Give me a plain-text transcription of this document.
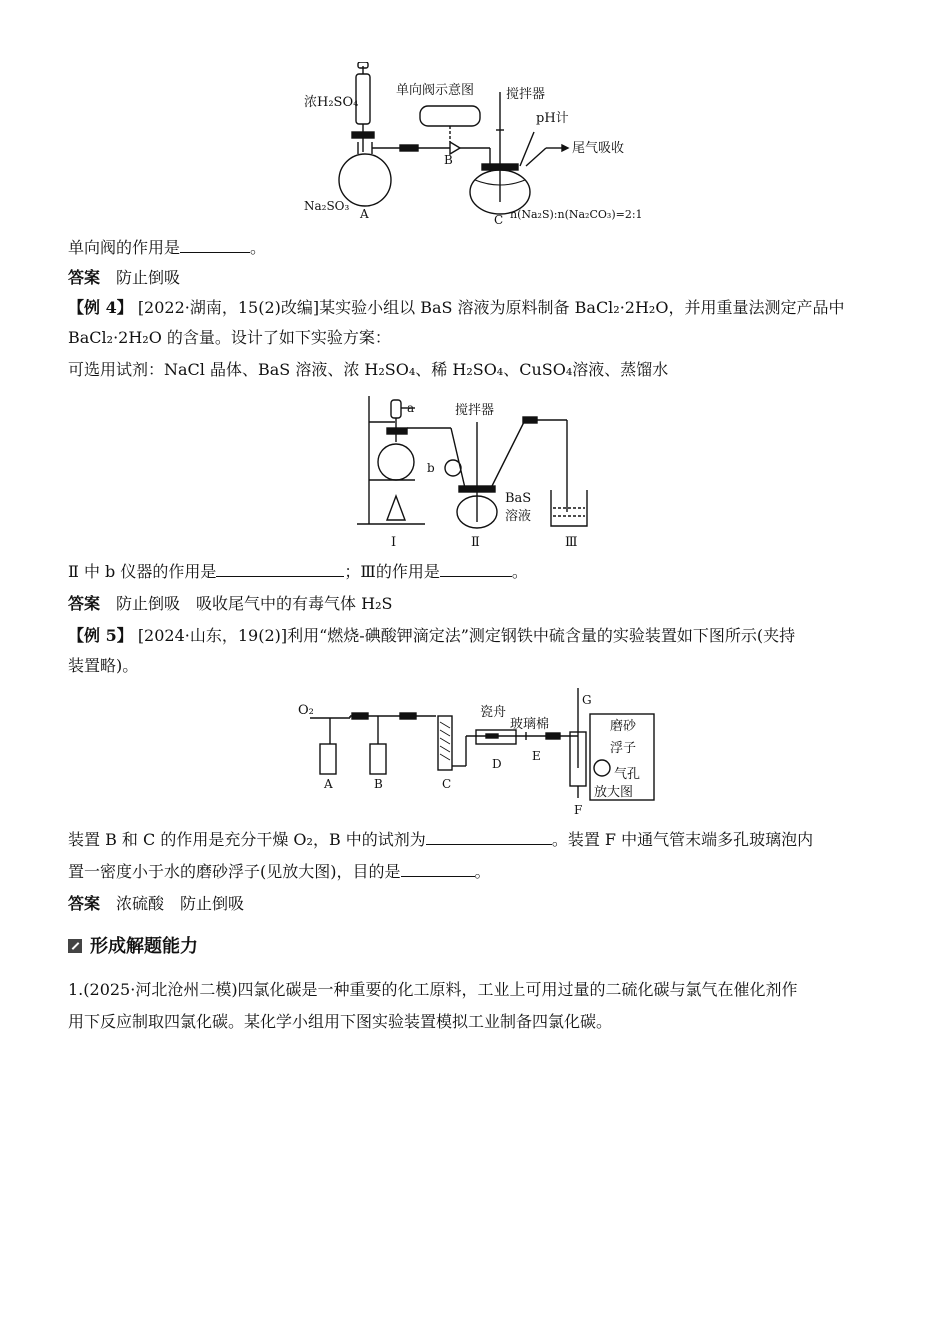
浓H₂SO₄
单向阀示意图 搅拌器
pH计
尾气吸收
B
Na₂SO₃
A	C n(Na₂S):n(Na₂CO₃)=2:1
单向阀的作用是	。
答案　 防止倒吸
【例 4】 [2022·湖南，15(2)改编]某实验小组以 BaS 溶液为原料制备 BaCl₂·2H₂O，并用重量法测定产品中
BaCl₂·2H₂O 的含量。设计了如下实验方案：
可选用试剂：NaCl 晶体、BaS 溶液、浓 H₂SO₄、稀 H₂SO₄、CuSO₄溶液、蒸馏水
a	搅拌器
b
BaS
溶液
Ⅰ	Ⅱ	Ⅲ
Ⅱ 中 b 仪器的作用是	；Ⅲ的作用是	。
答案　 防止倒吸　吸收尾气中的有毒气体 H₂S
【例 5】 [2024·山东，19(2)]利用“燃烧-碘酸钾滴定法”测定钢铁中硫含量的实验装置如下图所示(夹持
装置略)。
O₂	瓷舟
玻璃棉
G
磨砂
浮子
气孔
放大图
A	B	C
D
E
F
装置 B 和 C 的作用是充分干燥 O₂，B 中的试剂为	。装置 F 中通气管末端多孔玻璃泡内
置一密度小于水的磨砂浮子(见放大图)，目的是	。
答案　 浓硫酸　防止倒吸
形成解题能力
1.(2025·河北沧州二模)四氯化碳是一种重要的化工原料，工业上可用过量的二硫化碳与氯气在催化剂作
用下反应制取四氯化碳。某化学小组用下图实验装置模拟工业制备四氯化碳。
